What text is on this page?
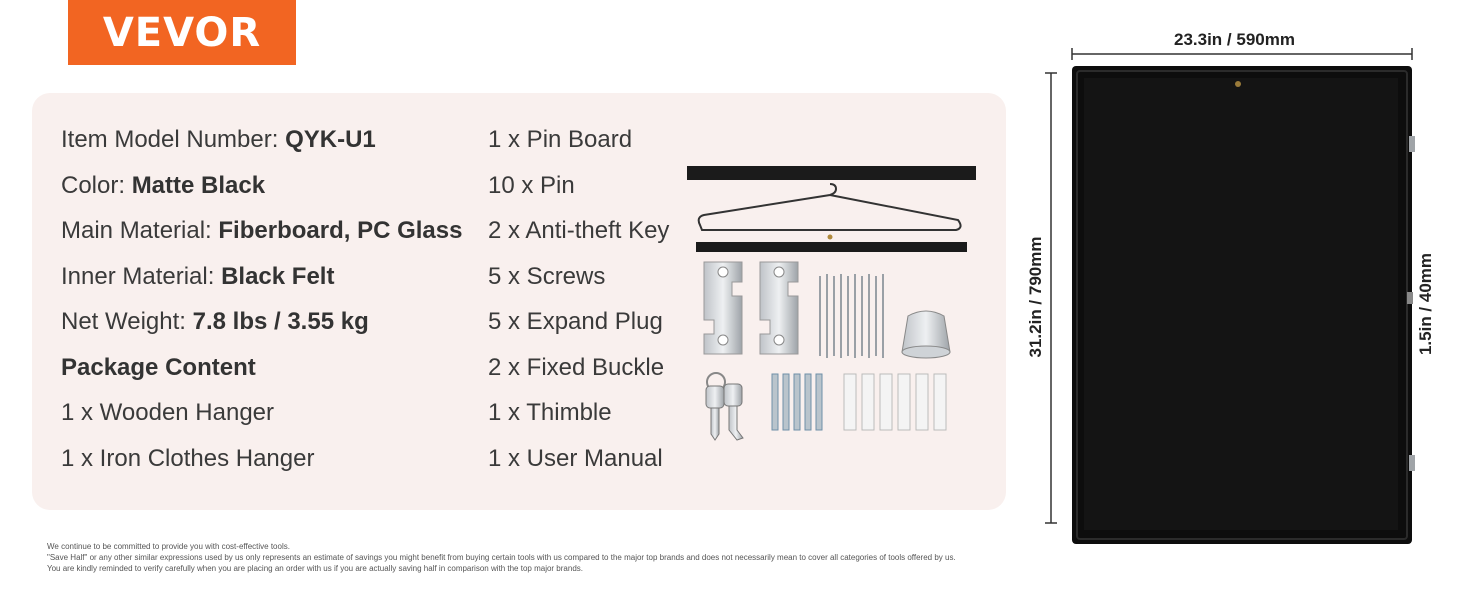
VEVOR
Item Model Number: QYK-U1
Color: Matte Black
Main Material: Fiberboard, PC Glass
Inner Material: Black Felt
Net Weight: 7.8 lbs / 3.55 kg
Package Content
1 x Wooden Hanger
1 x Iron Clothes Hanger
1 x Pin Board
10 x Pin
2 x Anti-theft Key
5 x Screws
5 x Expand Plug
2 x Fixed Buckle
1 x Thimble
1 x User Manual
23.3in / 590mm
31.2in / 790mm	1.5in / 40mm
We continue to be committed to provide you with cost-effective tools.
"Save Half" or any other similar expressions used by us only represents an estimate of savings you might benefit from buying certain tools with us compared to the major top brands and does not necessarily mean to cover all categories of tools offered by us.
You are kindly reminded to verify carefully when you are placing an order with us if you are actually saving half in comparison with the top major brands.
